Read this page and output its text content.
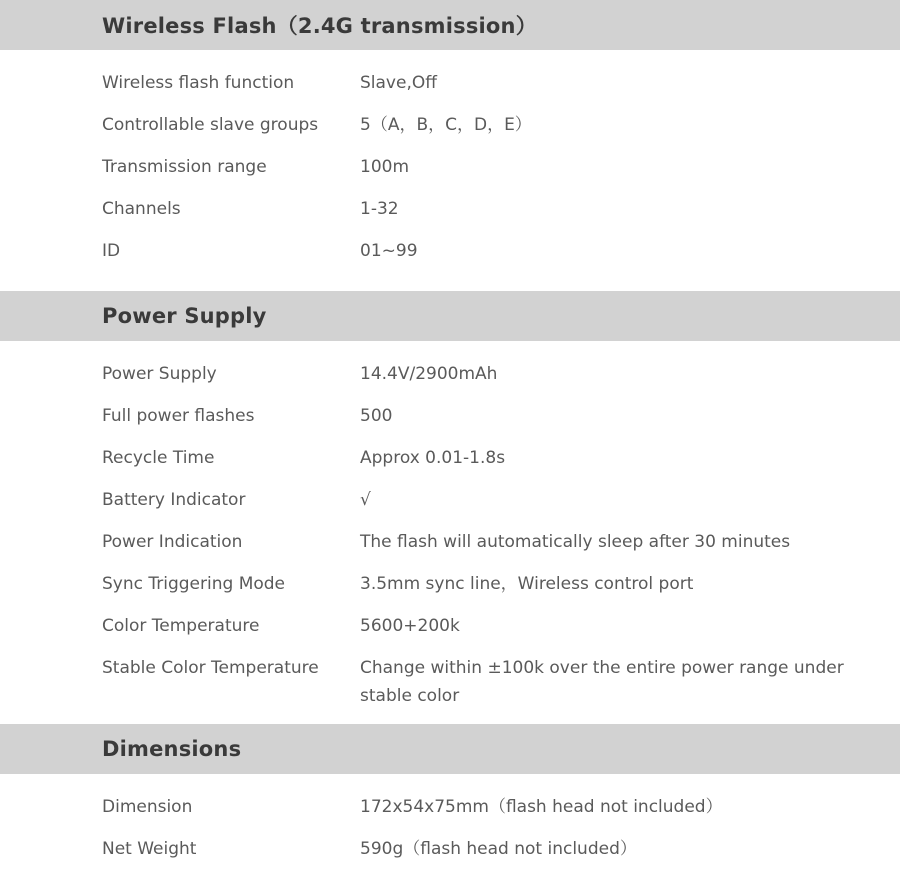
Wireless Flash（2.4G transmission）
Wireless flash function	Slave,Off
Controllable slave groups	5（A，B，C，D，E）
Transmission range	100m
Channels	1-32
ID	01~99
Power Supply
Power Supply	14.4V/2900mAh
Full power flashes	500
Recycle Time	Approx 0.01-1.8s
Battery Indicator	√
Power Indication	The flash will automatically sleep after 30 minutes
Sync Triggering Mode	3.5mm sync line，Wireless control port
Color Temperature	5600+200k
Stable Color Temperature	Change within ±100k over the entire power range under stable color
Dimensions
Dimension	172x54x75mm（flash head not included）
Net Weight	590g（flash head not included）
